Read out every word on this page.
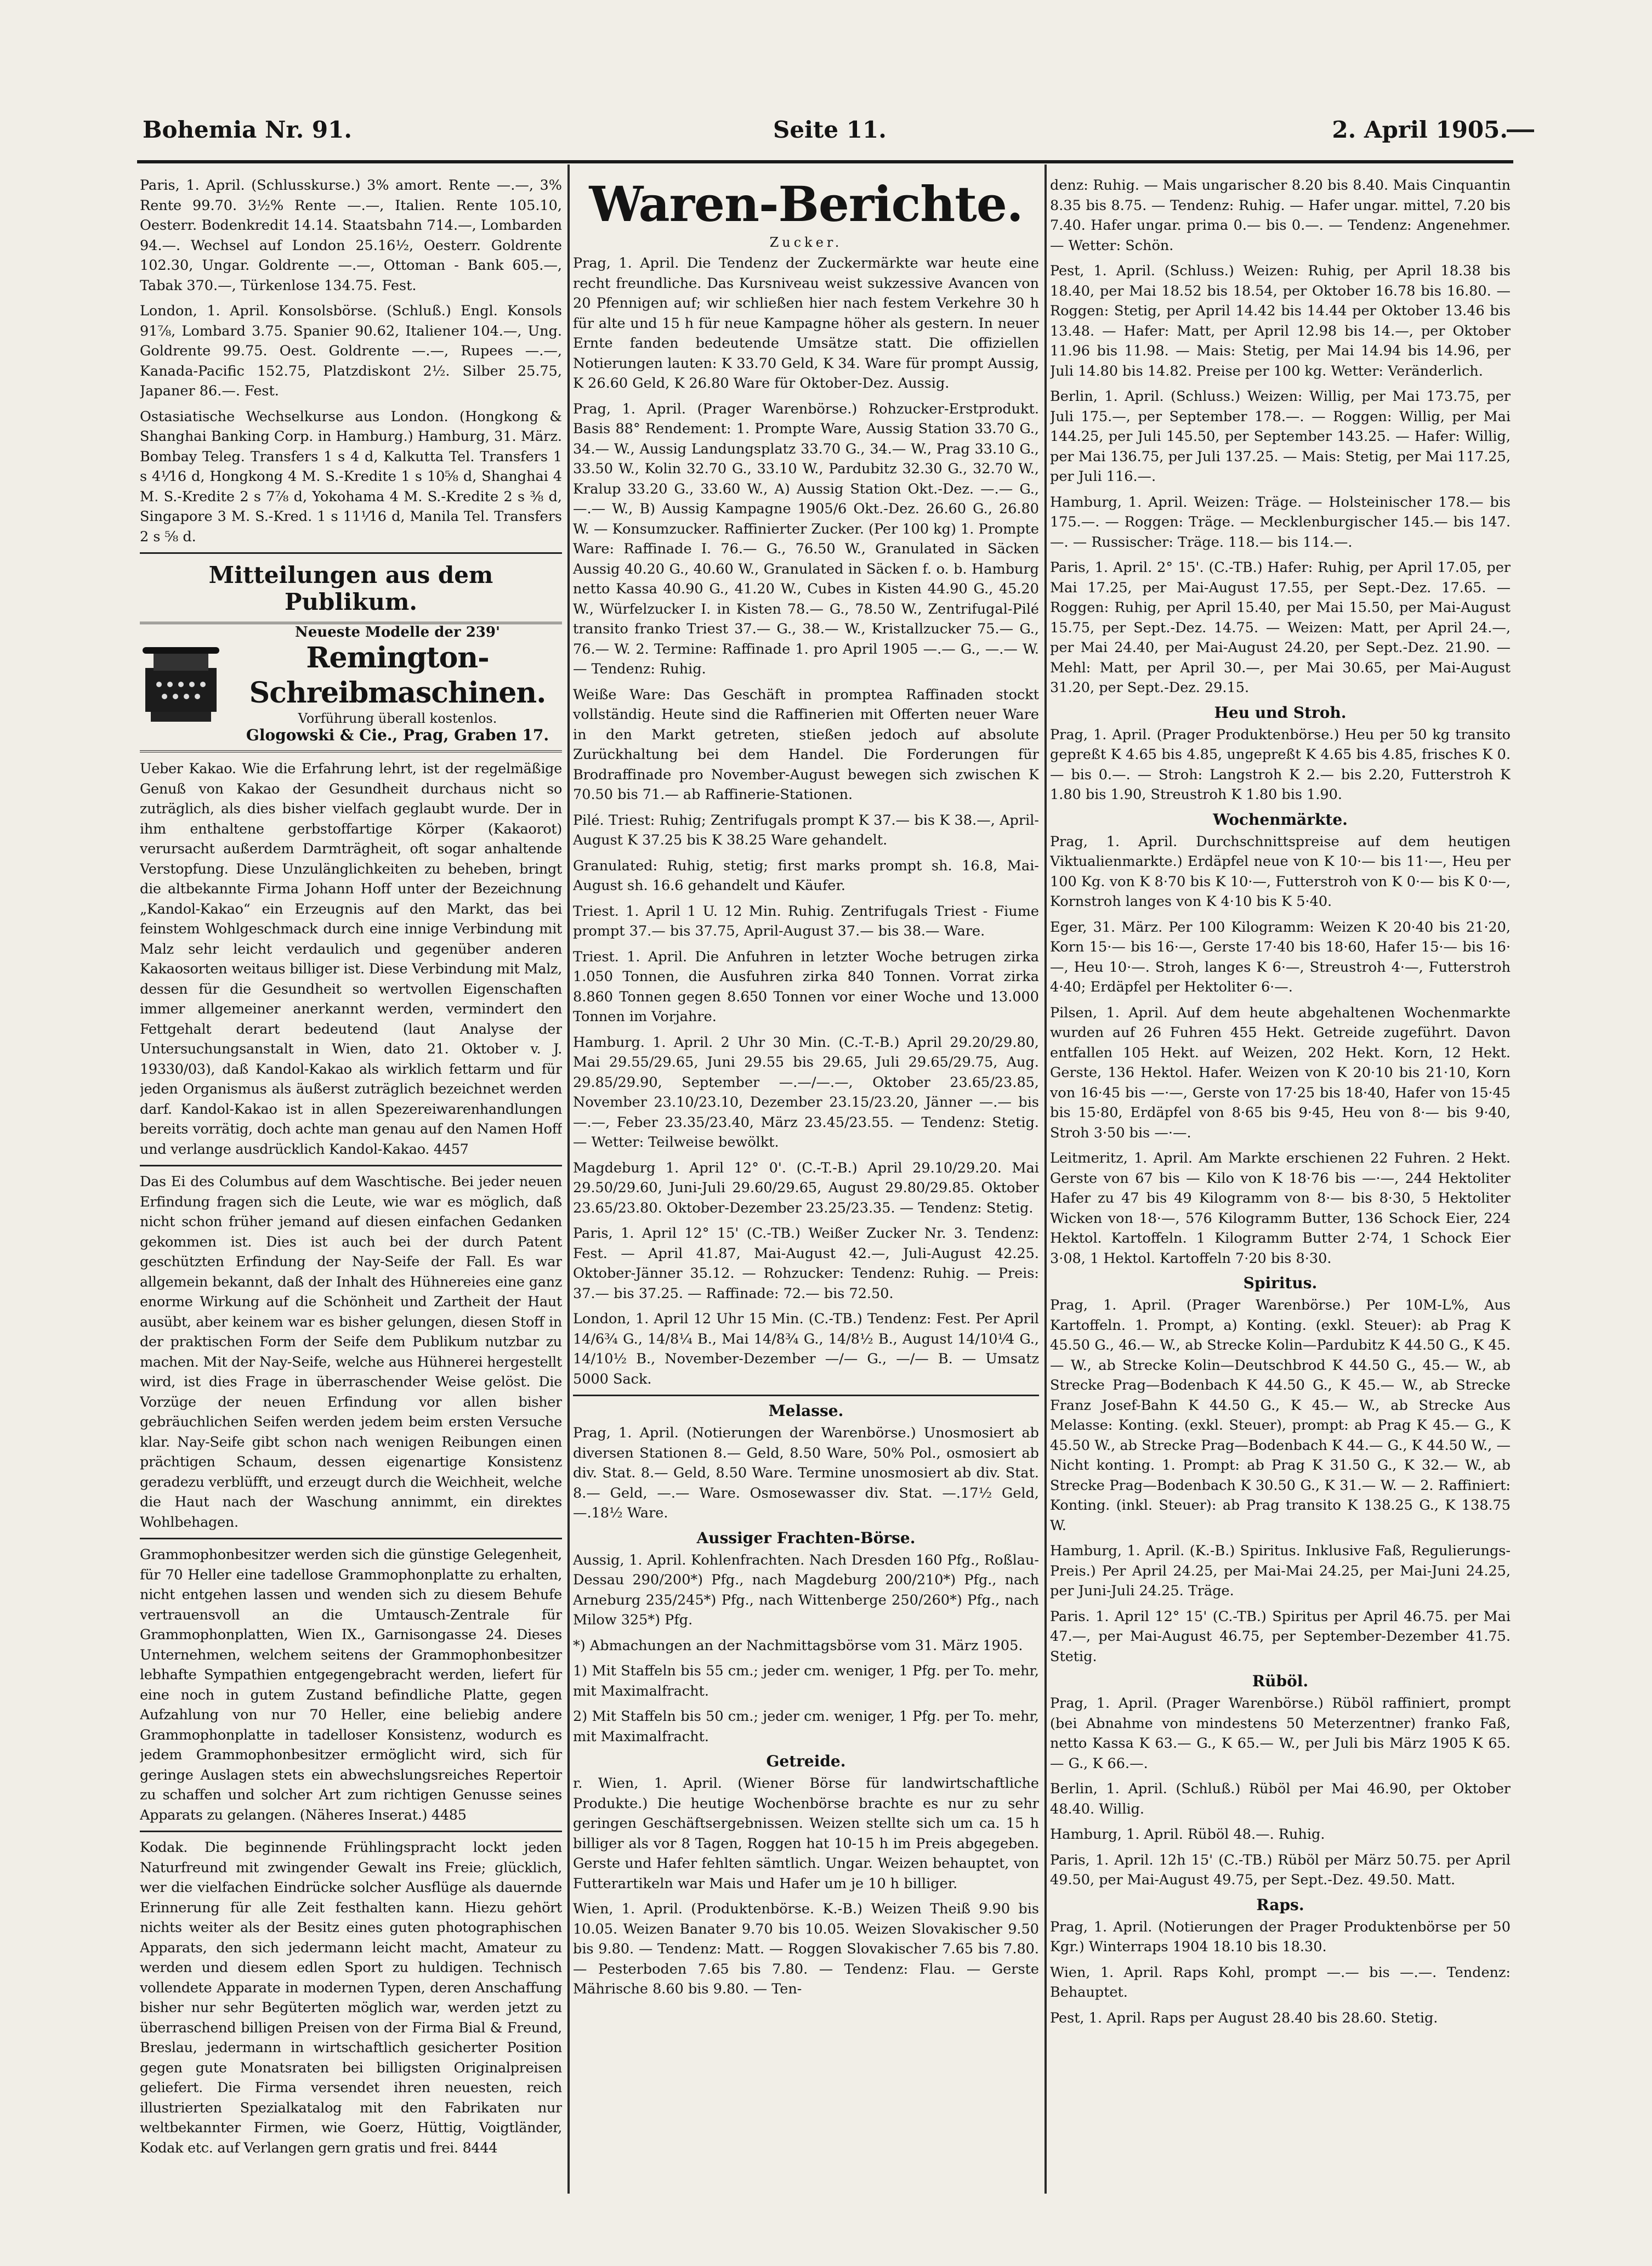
Bohemia Nr. 91.	Seite 11.	2. April 1905.

Paris, 1. April. (Schlusskurse.) 3% amort. Rente —.—, 3% Rente 99.70. 3½% Rente —.—, Italien. Rente 105.10, Oesterr. Bodenkredit 14.14. Staatsbahn 714.—, Lombarden 94.—. Wechsel auf London 25.16½, Oesterr. Goldrente 102.30, Ungar. Goldrente —.—, Ottoman - Bank 605.—, Tabak 370.—, Türkenlose 134.75. Fest.

London, 1. April. Konsolsbörse. (Schluß.) Engl. Konsols 91⅞, Lombard 3.75. Spanier 90.62, Italiener 104.—, Ung. Goldrente 99.75. Oest. Goldrente —.—, Rupees —.—, Kanada-Pacific 152.75, Platzdiskont 2½. Silber 25.75, Japaner 86.—. Fest.

Ostasiatische Wechselkurse aus London. (Hongkong & Shanghai Banking Corp. in Hamburg.) Hamburg, 31. März. Bombay Teleg. Transfers 1 s 4 d, Kalkutta Tel. Transfers 1 s 4⅟16 d, Hongkong 4 M. S.-Kredite 1 s 10⅝ d, Shanghai 4 M. S.-Kredite 2 s 7⅞ d, Yokohama 4 M. S.-Kredite 2 s ⅜ d, Singapore 3 M. S.-Kred. 1 s 11⅟16 d, Manila Tel. Transfers 2 s ⅝ d.

Mitteilungen aus dem Publikum.
Neueste Modelle der 239'
Remington-Schreibmaschinen.
Vorführung überall kostenlos.
Glogowski & Cie., Prag, Graben 17.

Ueber Kakao. Wie die Erfahrung lehrt, ist der regelmäßige Genuß von Kakao der Gesundheit durchaus nicht so zuträglich, als dies bisher vielfach geglaubt wurde. Der in ihm enthaltene gerbstoffartige Körper (Kakaorot) verursacht außerdem Darmträgheit, oft sogar anhaltende Verstopfung. Diese Unzulänglichkeiten zu beheben, bringt die altbekannte Firma Johann Hoff unter der Bezeichnung „Kandol-Kakao“ ein Erzeugnis auf den Markt, das bei feinstem Wohlgeschmack durch eine innige Verbindung mit Malz sehr leicht verdaulich und gegenüber anderen Kakaosorten weitaus billiger ist. Diese Verbindung mit Malz, dessen für die Gesundheit so wertvollen Eigenschaften immer allgemeiner anerkannt werden, vermindert den Fettgehalt derart bedeutend (laut Analyse der Untersuchungsanstalt in Wien, dato 21. Oktober v. J. 19330/03), daß Kandol-Kakao als wirklich fettarm und für jeden Organismus als äußerst zuträglich bezeichnet werden darf. Kandol-Kakao ist in allen Spezereiwarenhandlungen bereits vorrätig, doch achte man genau auf den Namen Hoff und verlange ausdrücklich Kandol-Kakao. 4457

Das Ei des Columbus auf dem Waschtische. Bei jeder neuen Erfindung fragen sich die Leute, wie war es möglich, daß nicht schon früher jemand auf diesen einfachen Gedanken gekommen ist. Dies ist auch bei der durch Patent geschützten Erfindung der Nay-Seife der Fall. Es war allgemein bekannt, daß der Inhalt des Hühnereies eine ganz enorme Wirkung auf die Schönheit und Zartheit der Haut ausübt, aber keinem war es bisher gelungen, diesen Stoff in der praktischen Form der Seife dem Publikum nutzbar zu machen. Mit der Nay-Seife, welche aus Hühnerei hergestellt wird, ist dies Frage in überraschender Weise gelöst. Die Vorzüge der neuen Erfindung vor allen bisher gebräuchlichen Seifen werden jedem beim ersten Versuche klar. Nay-Seife gibt schon nach wenigen Reibungen einen prächtigen Schaum, dessen eigenartige Konsistenz geradezu verblüfft, und erzeugt durch die Weichheit, welche die Haut nach der Waschung annimmt, ein direktes Wohlbehagen.

Grammophonbesitzer werden sich die günstige Gelegenheit, für 70 Heller eine tadellose Grammophonplatte zu erhalten, nicht entgehen lassen und wenden sich zu diesem Behufe vertrauensvoll an die Umtausch-Zentrale für Grammophonplatten, Wien IX., Garnisongasse 24. Dieses Unternehmen, welchem seitens der Grammophonbesitzer lebhafte Sympathien entgegengebracht werden, liefert für eine noch in gutem Zustand befindliche Platte, gegen Aufzahlung von nur 70 Heller, eine beliebig andere Grammophonplatte in tadelloser Konsistenz, wodurch es jedem Grammophonbesitzer ermöglicht wird, sich für geringe Auslagen stets ein abwechslungsreiches Repertoir zu schaffen und solcher Art zum richtigen Genusse seines Apparats zu gelangen. (Näheres Inserat.) 4485

Kodak. Die beginnende Frühlingspracht lockt jeden Naturfreund mit zwingender Gewalt ins Freie; glücklich, wer die vielfachen Eindrücke solcher Ausflüge als dauernde Erinnerung für alle Zeit festhalten kann. Hiezu gehört nichts weiter als der Besitz eines guten photographischen Apparats, den sich jedermann leicht macht, Amateur zu werden und diesem edlen Sport zu huldigen. Technisch vollendete Apparate in modernen Typen, deren Anschaffung bisher nur sehr Begüterten möglich war, werden jetzt zu überraschend billigen Preisen von der Firma Bial & Freund, Breslau, jedermann in wirtschaftlich gesicherter Position gegen gute Monatsraten bei billigsten Originalpreisen geliefert. Die Firma versendet ihren neuesten, reich illustrierten Spezialkatalog mit den Fabrikaten nur weltbekannter Firmen, wie Goerz, Hüttig, Voigtländer, Kodak etc. auf Verlangen gern gratis und frei. 8444

Waren-Berichte.
Zucker.

Prag, 1. April. Die Tendenz der Zuckermärkte war heute eine recht freundliche. Das Kursniveau weist sukzessive Avancen von 20 Pfennigen auf; wir schließen hier nach festem Verkehre 30 h für alte und 15 h für neue Kampagne höher als gestern. In neuer Ernte fanden bedeutende Umsätze statt. Die offiziellen Notierungen lauten: K 33.70 Geld, K 34. Ware für prompt Aussig, K 26.60 Geld, K 26.80 Ware für Oktober-Dez. Aussig.

Prag, 1. April. (Prager Warenbörse.) Rohzucker-Erstprodukt. Basis 88° Rendement: 1. Prompte Ware, Aussig Station 33.70 G., 34.— W., Aussig Landungsplatz 33.70 G., 34.— W., Prag 33.10 G., 33.50 W., Kolin 32.70 G., 33.10 W., Pardubitz 32.30 G., 32.70 W., Kralup 33.20 G., 33.60 W., A) Aussig Station Okt.-Dez. —.— G., —.— W., B) Aussig Kampagne 1905/6 Okt.-Dez. 26.60 G., 26.80 W. — Konsumzucker. Raffinierter Zucker. (Per 100 kg) 1. Prompte Ware: Raffinade I. 76.— G., 76.50 W., Granulated in Säcken Aussig 40.20 G., 40.60 W., Granulated in Säcken f. o. b. Hamburg netto Kassa 40.90 G., 41.20 W., Cubes in Kisten 44.90 G., 45.20 W., Würfelzucker I. in Kisten 78.— G., 78.50 W., Zentrifugal-Pilé transito franko Triest 37.— G., 38.— W., Kristallzucker 75.— G., 76.— W. 2. Termine: Raffinade 1. pro April 1905 —.— G., —.— W. — Tendenz: Ruhig.

Weiße Ware: Das Geschäft in promptea Raffinaden stockt vollständig. Heute sind die Raffinerien mit Offerten neuer Ware in den Markt getreten, stießen jedoch auf absolute Zurückhaltung bei dem Handel. Die Forderungen für Brodraffinade pro November-August bewegen sich zwischen K 70.50 bis 71.— ab Raffinerie-Stationen.

Pilé. Triest: Ruhig; Zentrifugals prompt K 37.— bis K 38.—, April-August K 37.25 bis K 38.25 Ware gehandelt.

Granulated: Ruhig, stetig; first marks prompt sh. 16.8, Mai-August sh. 16.6 gehandelt und Käufer.

Triest. 1. April 1 U. 12 Min. Ruhig. Zentrifugals Triest - Fiume prompt 37.— bis 37.75, April-August 37.— bis 38.— Ware.

Triest. 1. April. Die Anfuhren in letzter Woche betrugen zirka 1.050 Tonnen, die Ausfuhren zirka 840 Tonnen. Vorrat zirka 8.860 Tonnen gegen 8.650 Tonnen vor einer Woche und 13.000 Tonnen im Vorjahre.

Hamburg. 1. April. 2 Uhr 30 Min. (C.-T.-B.) April 29.20/29.80, Mai 29.55/29.65, Juni 29.55 bis 29.65, Juli 29.65/29.75, Aug. 29.85/29.90, September —.—/—.—, Oktober 23.65/23.85, November 23.10/23.10, Dezember 23.15/23.20, Jänner —.— bis —.—, Feber 23.35/23.40, März 23.45/23.55. — Tendenz: Stetig. — Wetter: Teilweise bewölkt.

Magdeburg 1. April 12° 0'. (C.-T.-B.) April 29.10/29.20. Mai 29.50/29.60, Juni-Juli 29.60/29.65, August 29.80/29.85. Oktober 23.65/23.80. Oktober-Dezember 23.25/23.35. — Tendenz: Stetig.

Paris, 1. April 12° 15' (C.-TB.) Weißer Zucker Nr. 3. Tendenz: Fest. — April 41.87, Mai-August 42.—, Juli-August 42.25. Oktober-Jänner 35.12. — Rohzucker: Tendenz: Ruhig. — Preis: 37.— bis 37.25. — Raffinade: 72.— bis 72.50.

London, 1. April 12 Uhr 15 Min. (C.-TB.) Tendenz: Fest. Per April 14/6¾ G., 14/8¼ B., Mai 14/8¾ G., 14/8½ B., August 14/10⅟4 G., 14/10½ B., November-Dezember —/— G., —/— B. — Umsatz 5000 Sack.

Melasse.

Prag, 1. April. (Notierungen der Warenbörse.) Unosmosiert ab diversen Stationen 8.— Geld, 8.50 Ware, 50% Pol., osmosiert ab div. Stat. 8.— Geld, 8.50 Ware. Termine unosmosiert ab div. Stat. 8.— Geld, —.— Ware. Osmosewasser div. Stat. —.17½ Geld, —.18½ Ware.

Aussiger Frachten-Börse.

Aussig, 1. April. Kohlenfrachten. Nach Dresden 160 Pfg., Roßlau-Dessau 290/200*) Pfg., nach Magdeburg 200/210*) Pfg., nach Arneburg 235/245*) Pfg., nach Wittenberge 250/260*) Pfg., nach Milow 325*) Pfg.

*) Abmachungen an der Nachmittagsbörse vom 31. März 1905.

1) Mit Staffeln bis 55 cm.; jeder cm. weniger, 1 Pfg. per To. mehr, mit Maximalfracht.

2) Mit Staffeln bis 50 cm.; jeder cm. weniger, 1 Pfg. per To. mehr, mit Maximalfracht.

Getreide.

r. Wien, 1. April. (Wiener Börse für landwirtschaftliche Produkte.) Die heutige Wochenbörse brachte es nur zu sehr geringen Geschäftsergebnissen. Weizen stellte sich um ca. 15 h billiger als vor 8 Tagen, Roggen hat 10-15 h im Preis abgegeben. Gerste und Hafer fehlten sämtlich. Ungar. Weizen behauptet, von Futterartikeln war Mais und Hafer um je 10 h billiger.

Wien, 1. April. (Produktenbörse. K.-B.) Weizen Theiß 9.90 bis 10.05. Weizen Banater 9.70 bis 10.05. Weizen Slovakischer 9.50 bis 9.80. — Tendenz: Matt. — Roggen Slovakischer 7.65 bis 7.80. — Pesterboden 7.65 bis 7.80. — Tendenz: Flau. — Gerste Mährische 8.60 bis 9.80. — Ten-

denz: Ruhig. — Mais ungarischer 8.20 bis 8.40. Mais Cinquantin 8.35 bis 8.75. — Tendenz: Ruhig. — Hafer ungar. mittel, 7.20 bis 7.40. Hafer ungar. prima 0.— bis 0.—. — Tendenz: Angenehmer. — Wetter: Schön.

Pest, 1. April. (Schluss.) Weizen: Ruhig, per April 18.38 bis 18.40, per Mai 18.52 bis 18.54, per Oktober 16.78 bis 16.80. — Roggen: Stetig, per April 14.42 bis 14.44 per Oktober 13.46 bis 13.48. — Hafer: Matt, per April 12.98 bis 14.—, per Oktober 11.96 bis 11.98. — Mais: Stetig, per Mai 14.94 bis 14.96, per Juli 14.80 bis 14.82. Preise per 100 kg. Wetter: Veränderlich.

Berlin, 1. April. (Schluss.) Weizen: Willig, per Mai 173.75, per Juli 175.—, per September 178.—. — Roggen: Willig, per Mai 144.25, per Juli 145.50, per September 143.25. — Hafer: Willig, per Mai 136.75, per Juli 137.25. — Mais: Stetig, per Mai 117.25, per Juli 116.—.

Hamburg, 1. April. Weizen: Träge. — Holsteinischer 178.— bis 175.—. — Roggen: Träge. — Mecklenburgischer 145.— bis 147.—. — Russischer: Träge. 118.— bis 114.—.

Paris, 1. April. 2° 15'. (C.-TB.) Hafer: Ruhig, per April 17.05, per Mai 17.25, per Mai-August 17.55, per Sept.-Dez. 17.65. — Roggen: Ruhig, per April 15.40, per Mai 15.50, per Mai-August 15.75, per Sept.-Dez. 14.75. — Weizen: Matt, per April 24.—, per Mai 24.40, per Mai-August 24.20, per Sept.-Dez. 21.90. — Mehl: Matt, per April 30.—, per Mai 30.65, per Mai-August 31.20, per Sept.-Dez. 29.15.

Heu und Stroh.

Prag, 1. April. (Prager Produktenbörse.) Heu per 50 kg transito gepreßt K 4.65 bis 4.85, ungepreßt K 4.65 bis 4.85, frisches K 0.— bis 0.—. — Stroh: Langstroh K 2.— bis 2.20, Futterstroh K 1.80 bis 1.90, Streustroh K 1.80 bis 1.90.

Wochenmärkte.

Prag, 1. April. Durchschnittspreise auf dem heutigen Viktualienmarkte.) Erdäpfel neue von K 10·— bis 11·—, Heu per 100 Kg. von K 8·70 bis K 10·—, Futterstroh von K 0·— bis K 0·—, Kornstroh langes von K 4·10 bis K 5·40.

Eger, 31. März. Per 100 Kilogramm: Weizen K 20·40 bis 21·20, Korn 15·— bis 16·—, Gerste 17·40 bis 18·60, Hafer 15·— bis 16·—, Heu 10·—. Stroh, langes K 6·—, Streustroh 4·—, Futterstroh 4·40; Erdäpfel per Hektoliter 6·—.

Pilsen, 1. April. Auf dem heute abgehaltenen Wochenmarkte wurden auf 26 Fuhren 455 Hekt. Getreide zugeführt. Davon entfallen 105 Hekt. auf Weizen, 202 Hekt. Korn, 12 Hekt. Gerste, 136 Hektol. Hafer. Weizen von K 20·10 bis 21·10, Korn von 16·45 bis —·—, Gerste von 17·25 bis 18·40, Hafer von 15·45 bis 15·80, Erdäpfel von 8·65 bis 9·45, Heu von 8·— bis 9·40, Stroh 3·50 bis —·—.

Leitmeritz, 1. April. Am Markte erschienen 22 Fuhren. 2 Hekt. Gerste von 67 bis — Kilo von K 18·76 bis —·—, 244 Hektoliter Hafer zu 47 bis 49 Kilogramm von 8·— bis 8·30, 5 Hektoliter Wicken von 18·—, 576 Kilogramm Butter, 136 Schock Eier, 224 Hektol. Kartoffeln. 1 Kilogramm Butter 2·74, 1 Schock Eier 3·08, 1 Hektol. Kartoffeln 7·20 bis 8·30.

Spiritus.

Prag, 1. April. (Prager Warenbörse.) Per 10M-L%, Aus Kartoffeln. 1. Prompt, a) Konting. (exkl. Steuer): ab Prag K 45.50 G., 46.— W., ab Strecke Kolin—Pardubitz K 44.50 G., K 45.— W., ab Strecke Kolin—Deutschbrod K 44.50 G., 45.— W., ab Strecke Prag—Bodenbach K 44.50 G., K 45.— W., ab Strecke Franz Josef-Bahn K 44.50 G., K 45.— W., ab Strecke Aus Melasse: Konting. (exkl. Steuer), prompt: ab Prag K 45.— G., K 45.50 W., ab Strecke Prag—Bodenbach K 44.— G., K 44.50 W., — Nicht konting. 1. Prompt: ab Prag K 31.50 G., K 32.— W., ab Strecke Prag—Bodenbach K 30.50 G., K 31.— W. — 2. Raffiniert: Konting. (inkl. Steuer): ab Prag transito K 138.25 G., K 138.75 W.

Hamburg, 1. April. (K.-B.) Spiritus. Inklusive Faß, Regulierungs-Preis.) Per April 24.25, per Mai-Mai 24.25, per Mai-Juni 24.25, per Juni-Juli 24.25. Träge.

Paris. 1. April 12° 15' (C.-TB.) Spiritus per April 46.75. per Mai 47.—, per Mai-August 46.75, per September-Dezember 41.75. Stetig.

Rüböl.

Prag, 1. April. (Prager Warenbörse.) Rüböl raffiniert, prompt (bei Abnahme von mindestens 50 Meterzentner) franko Faß, netto Kassa K 63.— G., K 65.— W., per Juli bis März 1905 K 65.— G., K 66.—.

Berlin, 1. April. (Schluß.) Rüböl per Mai 46.90, per Oktober 48.40. Willig.

Hamburg, 1. April. Rüböl 48.—. Ruhig.

Paris, 1. April. 12h 15' (C.-TB.) Rüböl per März 50.75. per April 49.50, per Mai-August 49.75, per Sept.-Dez. 49.50. Matt.

Raps.

Prag, 1. April. (Notierungen der Prager Produktenbörse per 50 Kgr.) Winterraps 1904 18.10 bis 18.30.

Wien, 1. April. Raps Kohl, prompt —.— bis —.—. Tendenz: Behauptet.

Pest, 1. April. Raps per August 28.40 bis 28.60. Stetig.
